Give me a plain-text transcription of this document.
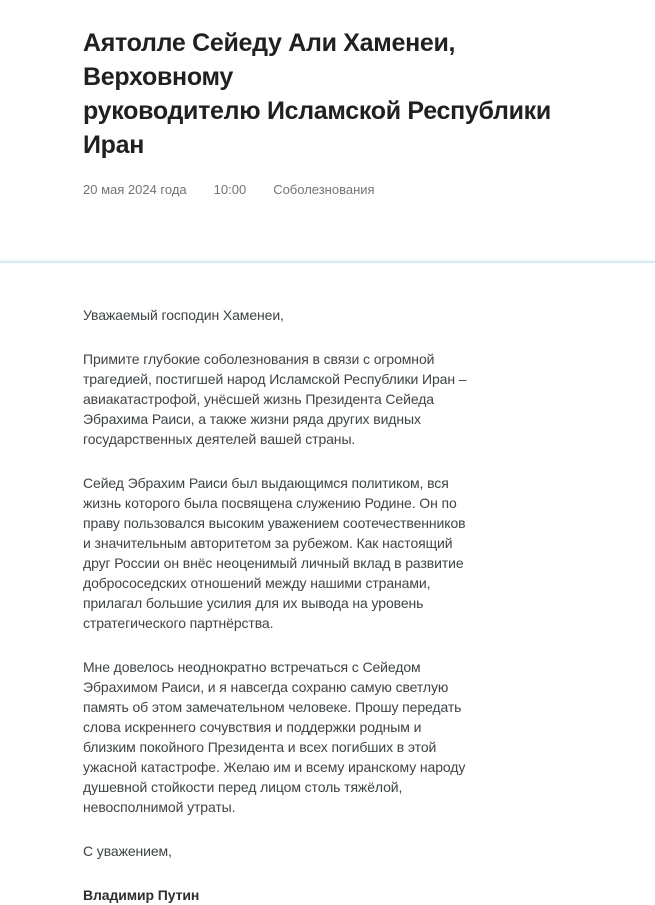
Аятолле Сейеду Али Хаменеи, Верховному
руководителю Исламской Республики Иран
20 мая 2024 года 10:00 Соболезнования

Уважаемый господин Хаменеи,

Примите глубокие соболезнования в связи с огромной трагедией, постигшей народ Исламской Республики Иран – авиакатастрофой, унёсшей жизнь Президента Сейеда Эбрахима Раиси, а также жизни ряда других видных государственных деятелей вашей страны.

Сейед Эбрахим Раиси был выдающимся политиком, вся жизнь которого была посвящена служению Родине. Он по праву пользовался высоким уважением соотечественников и значительным авторитетом за рубежом. Как настоящий друг России он внёс неоценимый личный вклад в развитие добрососедских отношений между нашими странами, прилагал большие усилия для их вывода на уровень стратегического партнёрства.

Мне довелось неоднократно встречаться с Сейедом Эбрахимом Раиси, и я навсегда сохраню самую светлую память об этом замечательном человеке. Прошу передать слова искреннего сочувствия и поддержки родным и близким покойного Президента и всех погибших в этой ужасной катастрофе. Желаю им и всему иранскому народу душевной стойкости перед лицом столь тяжёлой, невосполнимой утраты.

С уважением,

Владимир Путин
